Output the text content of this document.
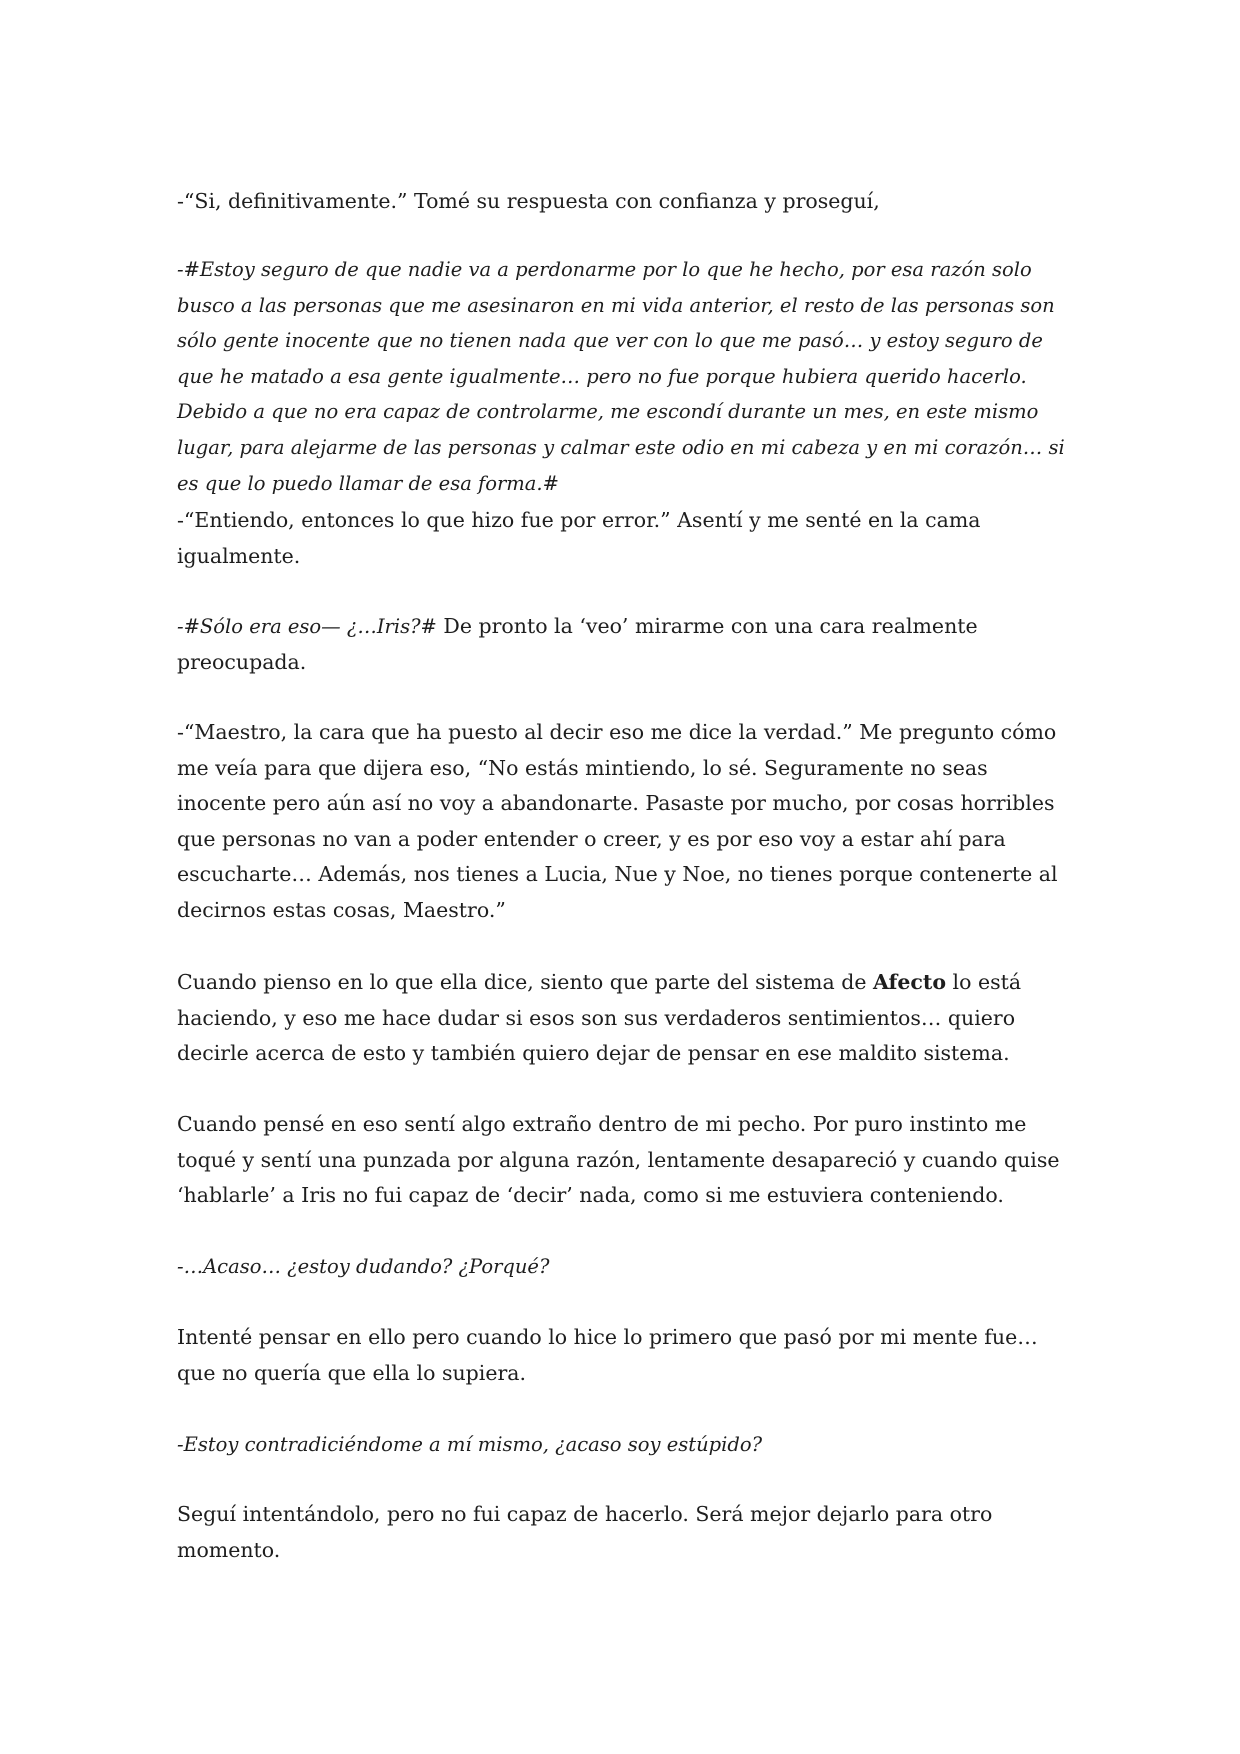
-“Si, definitivamente.” Tomé su respuesta con confianza y proseguí,

-#Estoy seguro de que nadie va a perdonarme por lo que he hecho, por esa razón solo busco a las personas que me asesinaron en mi vida anterior, el resto de las personas son sólo gente inocente que no tienen nada que ver con lo que me pasó… y estoy seguro de que he matado a esa gente igualmente… pero no fue porque hubiera querido hacerlo. Debido a que no era capaz de controlarme, me escondí durante un mes, en este mismo lugar, para alejarme de las personas y calmar este odio en mi cabeza y en mi corazón… si es que lo puedo llamar de esa forma.#

-“Entiendo, entonces lo que hizo fue por error.” Asentí y me senté en la cama igualmente.

-#Sólo era eso— ¿…Iris?# De pronto la ‘veo’ mirarme con una cara realmente preocupada.

-“Maestro, la cara que ha puesto al decir eso me dice la verdad.” Me pregunto cómo me veía para que dijera eso, “No estás mintiendo, lo sé. Seguramente no seas inocente pero aún así no voy a abandonarte. Pasaste por mucho, por cosas horribles que personas no van a poder entender o creer, y es por eso voy a estar ahí para escucharte… Además, nos tienes a Lucia, Nue y Noe, no tienes porque contenerte al decirnos estas cosas, Maestro.”

Cuando pienso en lo que ella dice, siento que parte del sistema de Afecto lo está haciendo, y eso me hace dudar si esos son sus verdaderos sentimientos… quiero decirle acerca de esto y también quiero dejar de pensar en ese maldito sistema.

Cuando pensé en eso sentí algo extraño dentro de mi pecho. Por puro instinto me toqué y sentí una punzada por alguna razón, lentamente desapareció y cuando quise ‘hablarle’ a Iris no fui capaz de ‘decir’ nada, como si me estuviera conteniendo.

-…Acaso… ¿estoy dudando? ¿Porqué?

Intenté pensar en ello pero cuando lo hice lo primero que pasó por mi mente fue… que no quería que ella lo supiera.

-Estoy contradiciéndome a mí mismo, ¿acaso soy estúpido?

Seguí intentándolo, pero no fui capaz de hacerlo. Será mejor dejarlo para otro momento.
